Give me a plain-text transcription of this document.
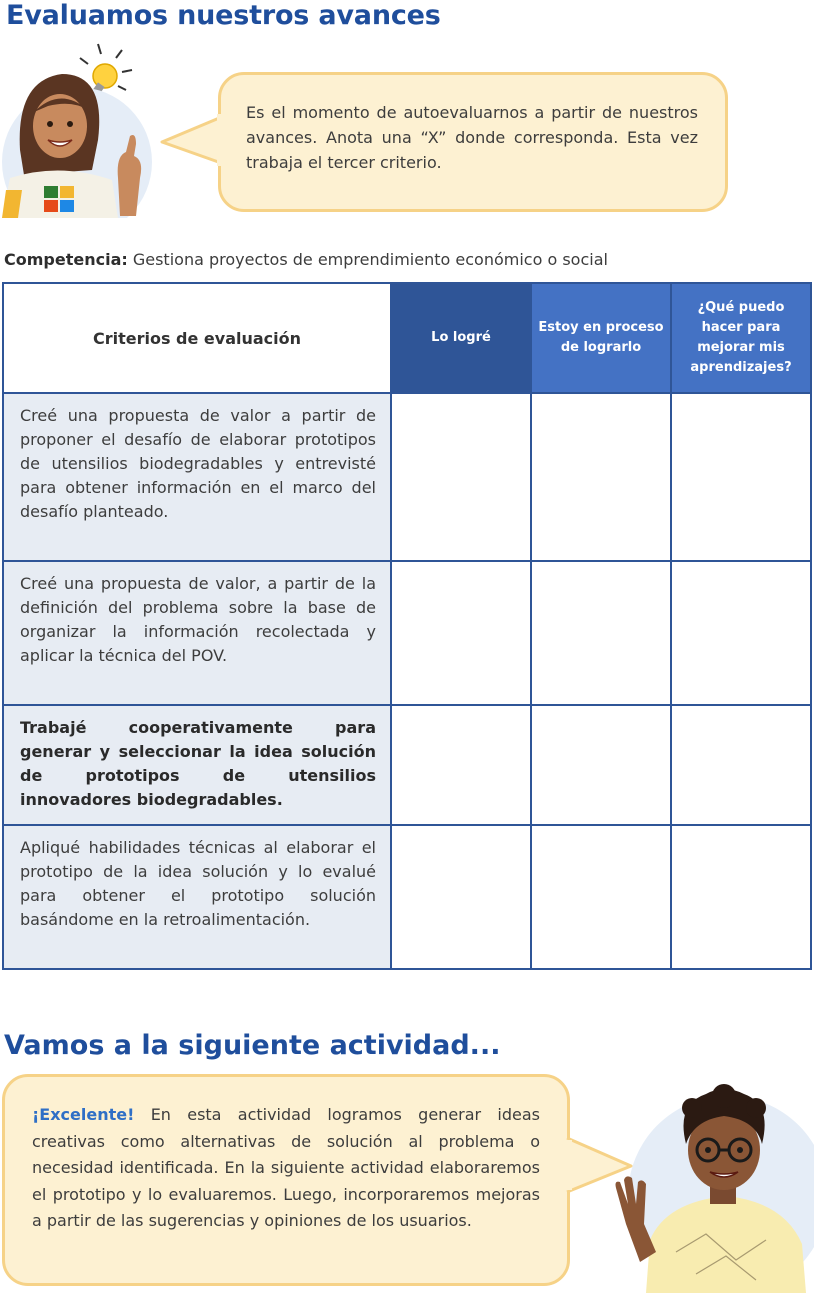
Evaluamos nuestros avances
Es el momento de autoevaluarnos a partir de nuestros avances. Anota una “X” donde corresponda. Esta vez trabaja el tercer criterio.
Competencia: Gestiona proyectos de emprendimiento económico o social
Criterios de evaluación	Lo logré	Estoy en proceso de lograrlo	¿Qué puedo hacer para mejorar mis aprendizajes?
Creé una propuesta de valor a partir de proponer el desafío de elaborar prototipos de utensilios biodegradables y entrevisté para obtener información en el marco del desafío planteado.			
Creé una propuesta de valor, a partir de la definición del problema sobre la base de organizar la información recolectada y aplicar la técnica del POV.			
Trabajé cooperativamente para generar y seleccionar la idea solución de prototipos de utensilios innovadores biodegradables.			
Apliqué habilidades técnicas al elaborar el prototipo de la idea solución y lo evalué para obtener el prototipo solución basándome en la retroalimentación.			
Vamos a la siguiente actividad...
¡Excelente! En esta actividad logramos generar ideas creativas como alternativas de solución al problema o necesidad identificada. En la siguiente actividad elaboraremos el prototipo y lo evaluaremos. Luego, incorporaremos mejoras a partir de las sugerencias y opiniones de los usuarios.
